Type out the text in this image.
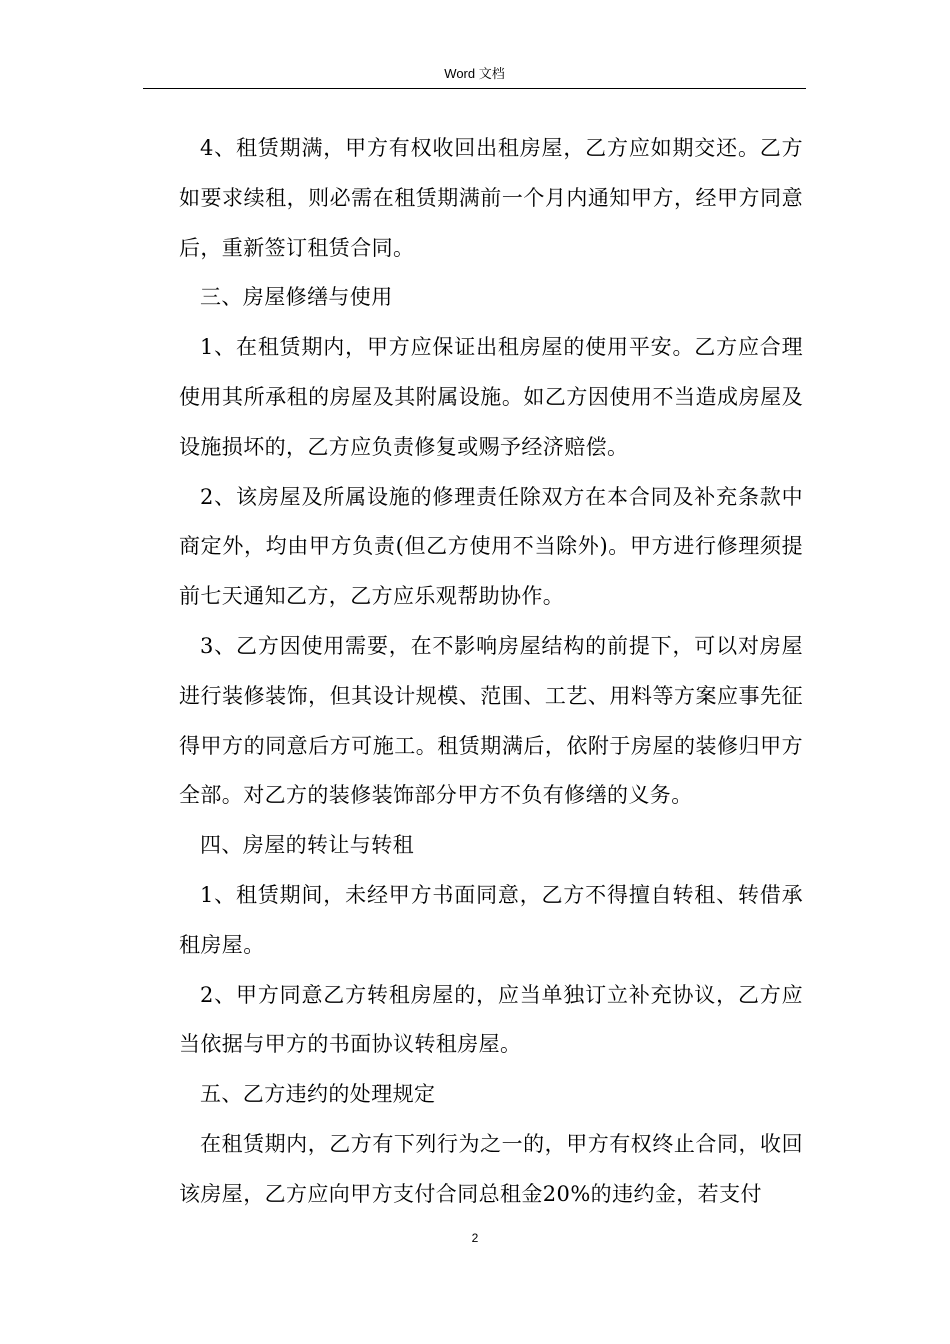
Word 文档

4、租赁期满，甲方有权收回出租房屋，乙方应如期交还。乙方如要求续租，则必需在租赁期满前一个月内通知甲方，经甲方同意后，重新签订租赁合同。

三、房屋修缮与使用

1、在租赁期内，甲方应保证出租房屋的使用平安。乙方应合理使用其所承租的房屋及其附属设施。如乙方因使用不当造成房屋及设施损坏的，乙方应负责修复或赐予经济赔偿。

2、该房屋及所属设施的修理责任除双方在本合同及补充条款中商定外，均由甲方负责(但乙方使用不当除外)。甲方进行修理须提前七天通知乙方，乙方应乐观帮助协作。

3、乙方因使用需要，在不影响房屋结构的前提下，可以对房屋进行装修装饰，但其设计规模、范围、工艺、用料等方案应事先征得甲方的同意后方可施工。租赁期满后，依附于房屋的装修归甲方全部。对乙方的装修装饰部分甲方不负有修缮的义务。

四、房屋的转让与转租

1、租赁期间，未经甲方书面同意，乙方不得擅自转租、转借承租房屋。

2、甲方同意乙方转租房屋的，应当单独订立补充协议，乙方应当依据与甲方的书面协议转租房屋。

五、乙方违约的处理规定

在租赁期内，乙方有下列行为之一的，甲方有权终止合同，收回该房屋，乙方应向甲方支付合同总租金20%的违约金，若支付

2
